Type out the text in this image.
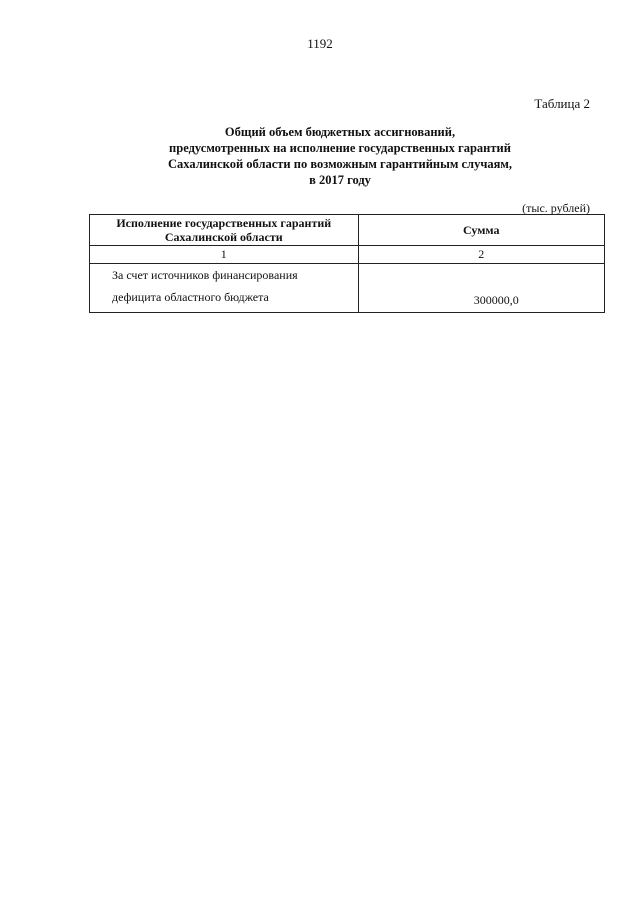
1192
Таблица 2
Общий объем бюджетных ассигнований,
предусмотренных на исполнение государственных гарантий
Сахалинской области по возможным гарантийным случаям,
в 2017 году
(тыс. рублей)
Исполнение государственных гарантий
Сахалинской области	Сумма
1	2

За счет источников финансирования
дефицита областного бюджета	300000,0
